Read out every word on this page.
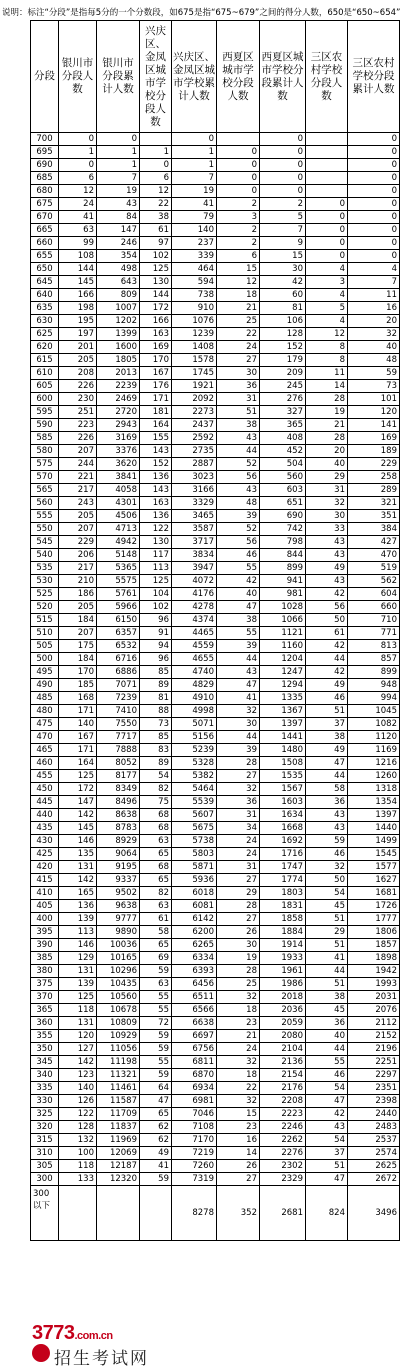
说明：标注“分段”是指每5分的一个分数段，如675是指“675~679”之间的得分人数，650是“650~654”
分段	银川市分段人数	银川市分段累计人数	兴庆区、金凤区城市学校分段人数	兴庆区、金凤区城市学校累计人数	西夏区城市学校分段人数	西夏区城市学校分段累计人数	三区农村学校分段人数	三区农村学校分段累计人数
700	0	0		0		0		0
695	1	1	1	1	0	0		0
690	0	1	0	1	0	0		0
685	6	7	6	7	0	0		0
680	12	19	12	19	0	0		0
675	24	43	22	41	2	2	0	0
670	41	84	38	79	3	5	0	0
665	63	147	61	140	2	7	0	0
660	99	246	97	237	2	9	0	0
655	108	354	102	339	6	15	0	0
650	144	498	125	464	15	30	4	4
645	145	643	130	594	12	42	3	7
640	166	809	144	738	18	60	4	11
635	198	1007	172	910	21	81	5	16
630	195	1202	166	1076	25	106	4	20
625	197	1399	163	1239	22	128	12	32
620	201	1600	169	1408	24	152	8	40
615	205	1805	170	1578	27	179	8	48
610	208	2013	167	1745	30	209	11	59
605	226	2239	176	1921	36	245	14	73
600	230	2469	171	2092	31	276	28	101
595	251	2720	181	2273	51	327	19	120
590	223	2943	164	2437	38	365	21	141
585	226	3169	155	2592	43	408	28	169
580	207	3376	143	2735	44	452	20	189
575	244	3620	152	2887	52	504	40	229
570	221	3841	136	3023	56	560	29	258
565	217	4058	143	3166	43	603	31	289
560	243	4301	163	3329	48	651	32	321
555	205	4506	136	3465	39	690	30	351
550	207	4713	122	3587	52	742	33	384
545	229	4942	130	3717	56	798	43	427
540	206	5148	117	3834	46	844	43	470
535	217	5365	113	3947	55	899	49	519
530	210	5575	125	4072	42	941	43	562
525	186	5761	104	4176	40	981	42	604
520	205	5966	102	4278	47	1028	56	660
515	184	6150	96	4374	38	1066	50	710
510	207	6357	91	4465	55	1121	61	771
505	175	6532	94	4559	39	1160	42	813
500	184	6716	96	4655	44	1204	44	857
495	170	6886	85	4740	43	1247	42	899
490	185	7071	89	4829	47	1294	49	948
485	168	7239	81	4910	41	1335	46	994
480	171	7410	88	4998	32	1367	51	1045
475	140	7550	73	5071	30	1397	37	1082
470	167	7717	85	5156	44	1441	38	1120
465	171	7888	83	5239	39	1480	49	1169
460	164	8052	89	5328	28	1508	47	1216
455	125	8177	54	5382	27	1535	44	1260
450	172	8349	82	5464	32	1567	58	1318
445	147	8496	75	5539	36	1603	36	1354
440	142	8638	68	5607	31	1634	43	1397
435	145	8783	68	5675	34	1668	43	1440
430	146	8929	63	5738	24	1692	59	1499
425	135	9064	65	5803	24	1716	46	1545
420	131	9195	68	5871	31	1747	32	1577
415	142	9337	65	5936	27	1774	50	1627
410	165	9502	82	6018	29	1803	54	1681
405	136	9638	63	6081	28	1831	45	1726
400	139	9777	61	6142	27	1858	51	1777
395	113	9890	58	6200	26	1884	29	1806
390	146	10036	65	6265	30	1914	51	1857
385	129	10165	69	6334	19	1933	41	1898
380	131	10296	59	6393	28	1961	44	1942
375	139	10435	63	6456	25	1986	51	1993
370	125	10560	55	6511	32	2018	38	2031
365	118	10678	55	6566	18	2036	45	2076
360	131	10809	72	6638	23	2059	36	2112
355	120	10929	59	6697	21	2080	40	2152
350	127	11056	59	6756	24	2104	44	2196
345	142	11198	55	6811	32	2136	55	2251
340	123	11321	59	6870	18	2154	46	2297
335	140	11461	64	6934	22	2176	54	2351
330	126	11587	47	6981	32	2208	47	2398
325	122	11709	65	7046	15	2223	42	2440
320	128	11837	62	7108	23	2246	43	2483
315	132	11969	62	7170	16	2262	54	2537
310	100	12069	49	7219	14	2276	37	2574
305	118	12187	41	7260	26	2302	51	2625
300	133	12320	59	7319	27	2329	47	2672
300以下				8278	352	2681	824	3496
3773.com.cn
招生考试网
